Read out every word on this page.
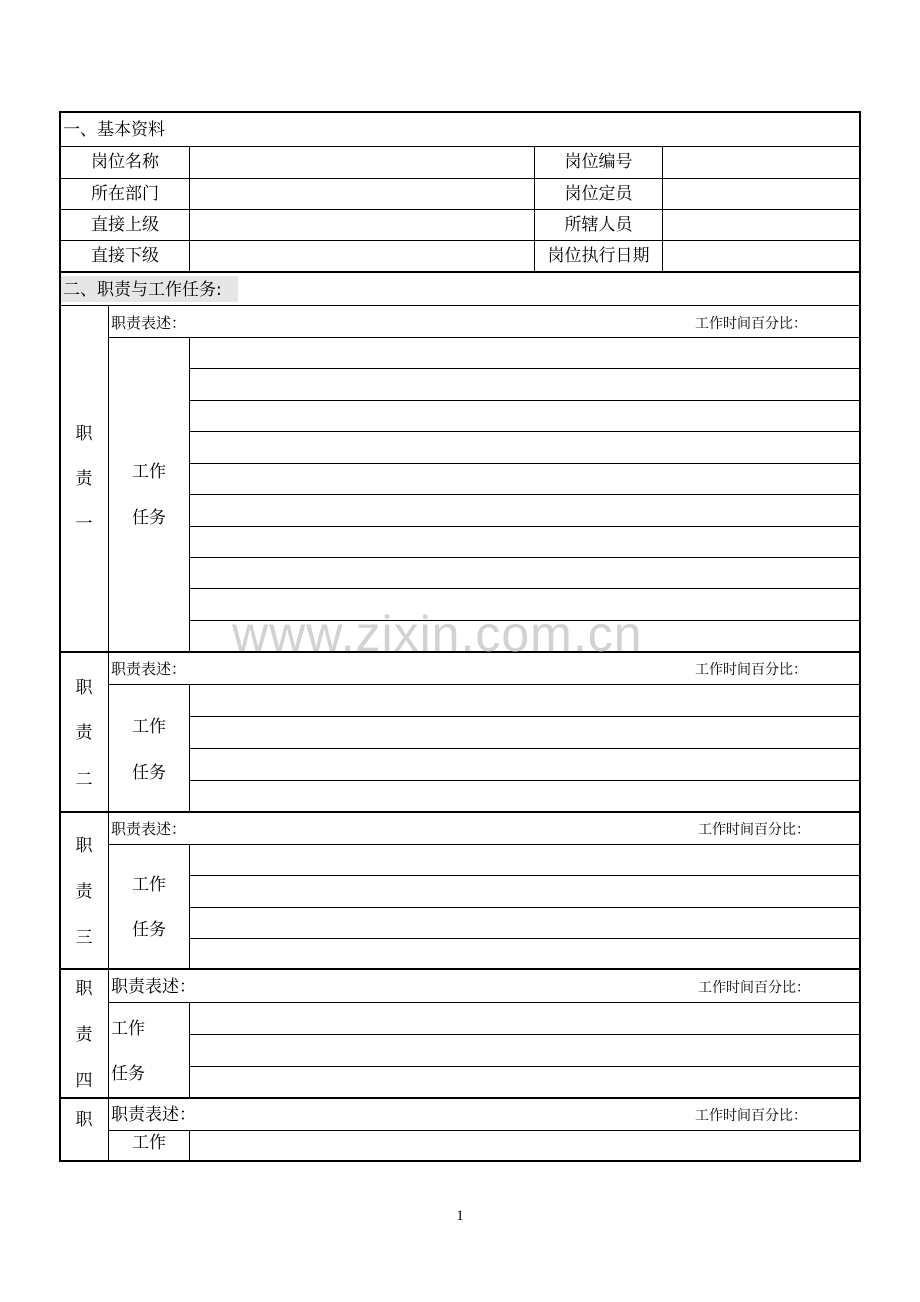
一、基本资料
岗位名称	岗位编号
所在部门	岗位定员
直接上级	所辖人员
直接下级	岗位执行日期
二、职责与工作任务:
职责表述：	工作时间百分比：
职
责
一
工作
任务
职责表述：	工作时间百分比：
职
责
二
工作
任务
职责表述：	工作时间百分比：
职
责
三
工作
任务
职责表述：	工作时间百分比：
职
责
四
工作
任务
职责表述：	工作时间百分比：
职
工作
www.zixin.com.cn
1
